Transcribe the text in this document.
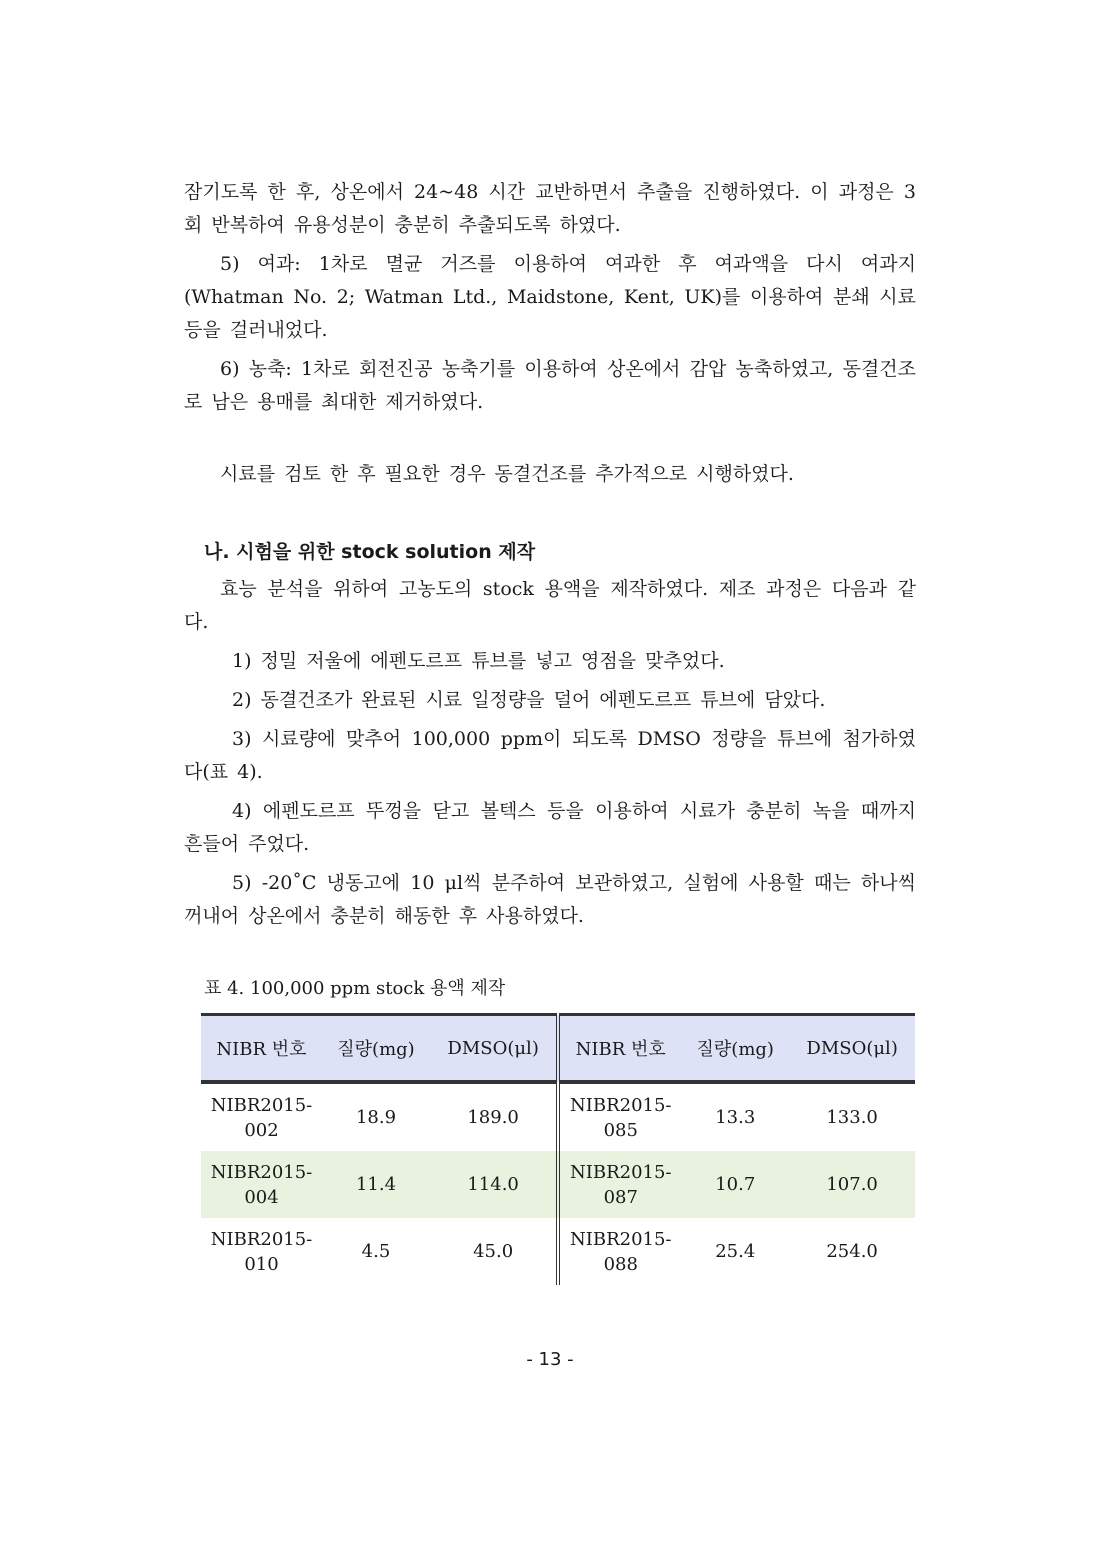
잠기도록 한 후, 상온에서 24~48 시간 교반하면서 추출을 진행하였다. 이 과정은 3 회 반복하여 유용성분이 충분히 추출되도록 하였다.

5) 여과: 1차로 멸균 거즈를 이용하여 여과한 후 여과액을 다시 여과지(Whatman No. 2; Watman Ltd., Maidstone, Kent, UK)를 이용하여 분쇄 시료 등을 걸러내었다.

6) 농축: 1차로 회전진공 농축기를 이용하여 상온에서 감압 농축하였고, 동결건조로 남은 용매를 최대한 제거하였다.

시료를 검토 한 후 필요한 경우 동결건조를 추가적으로 시행하였다.

나. 시험을 위한 stock solution 제작

효능 분석을 위하여 고농도의 stock 용액을 제작하였다. 제조 과정은 다음과 같다.

1) 정밀 저울에 에펜도르프 튜브를 넣고 영점을 맞추었다.

2) 동결건조가 완료된 시료 일정량을 덜어 에펜도르프 튜브에 담았다.

3) 시료량에 맞추어 100,000 ppm이 되도록 DMSO 정량을 튜브에 첨가하였다(표 4).

4) 에펜도르프 뚜껑을 닫고 볼텍스 등을 이용하여 시료가 충분히 녹을 때까지 흔들어 주었다.

5) -20˚C 냉동고에 10 μl씩 분주하여 보관하였고, 실험에 사용할 때는 하나씩 꺼내어 상온에서 충분히 해동한 후 사용하였다.

표 4. 100,000 ppm stock 용액 제작
NIBR 번호	질량(mg)	DMSO(μl)	NIBR 번호	질량(mg)	DMSO(μl)
NIBR2015-002	18.9	189.0	NIBR2015-085	13.3	133.0
NIBR2015-004	11.4	114.0	NIBR2015-087	10.7	107.0
NIBR2015-010	4.5	45.0	NIBR2015-088	25.4	254.0
- 13 -
